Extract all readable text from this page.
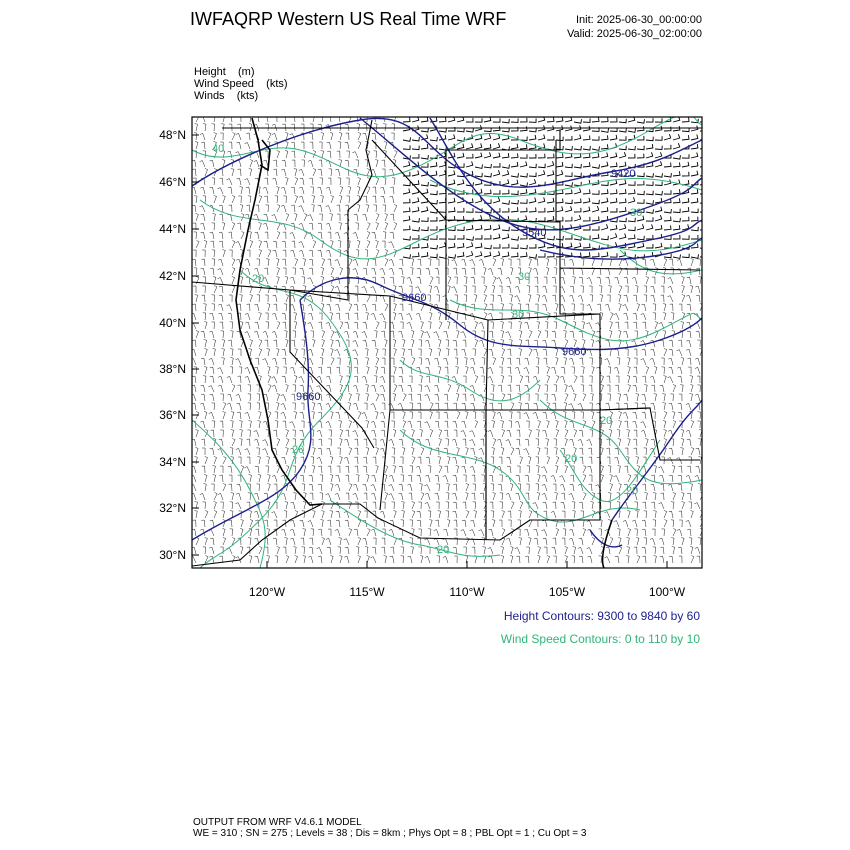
IWFAQRP Western US Real Time WRF	Init: 2025-06-30_00:00:00
Valid: 2025-06-30_02:00:00
Height    (m)
Wind Speed    (kts)
Winds    (kts)
9420
9540
9660
9660
9660
40
30
20	30
30
20
20
20
20
20
48°N
46°N
44°N
42°N
40°N
38°N
36°N
34°N
32°N
30°N
120°W	115°W	110°W	105°W	100°W
Height Contours: 9300 to 9840 by 60
Wind Speed Contours: 0 to 110 by 10
OUTPUT FROM WRF V4.6.1 MODEL
WE = 310 ; SN = 275 ; Levels = 38 ; Dis = 8km ; Phys Opt = 8 ; PBL Opt = 1 ; Cu Opt = 3
